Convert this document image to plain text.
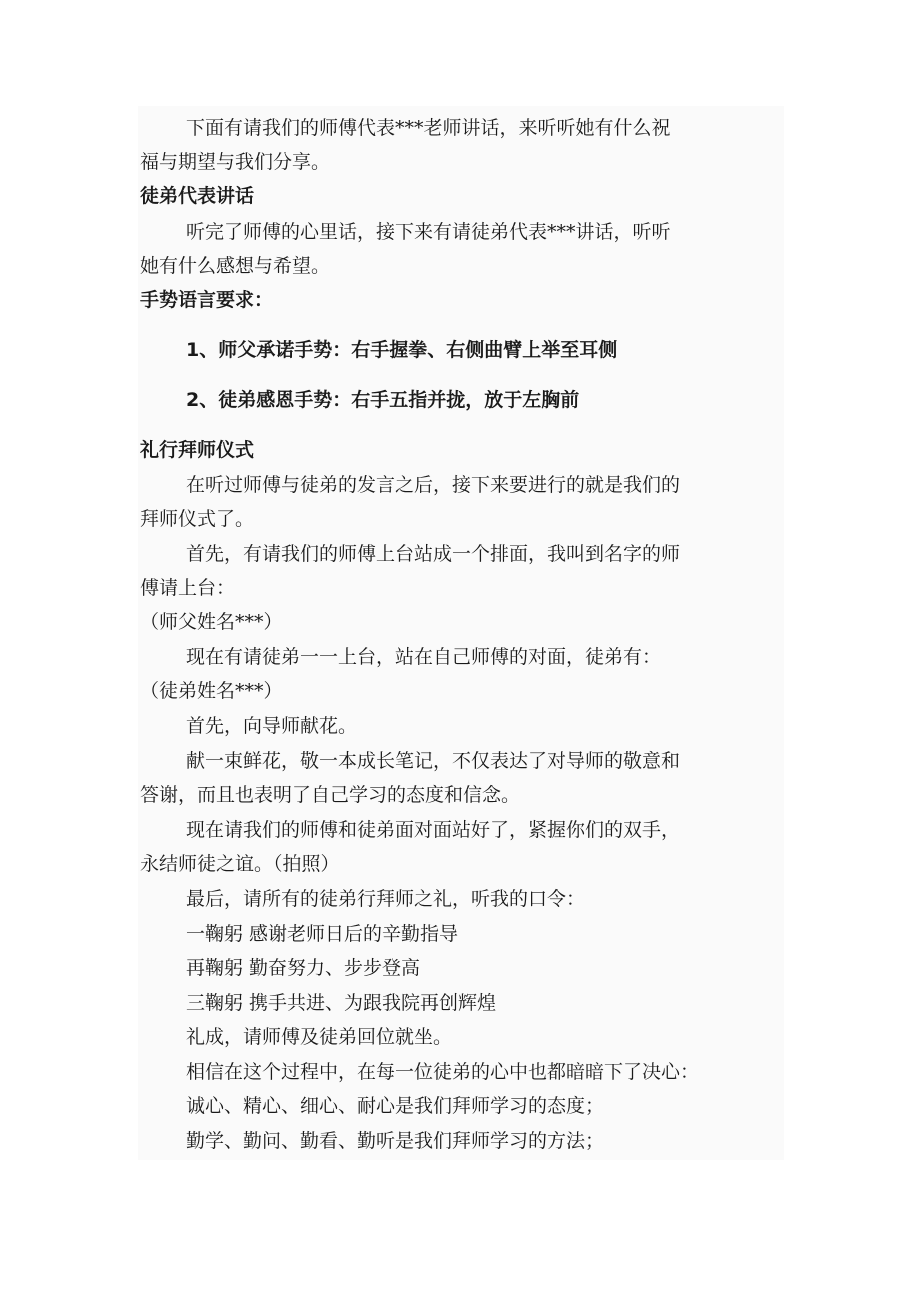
下面有请我们的师傅代表***老师讲话，来听听她有什么祝
福与期望与我们分享。
徒弟代表讲话
听完了师傅的心里话，接下来有请徒弟代表***讲话，听听
她有什么感想与希望。
手势语言要求：
1、师父承诺手势：右手握拳、右侧曲臂上举至耳侧
2、徒弟感恩手势：右手五指并拢，放于左胸前
礼行拜师仪式
在听过师傅与徒弟的发言之后，接下来要进行的就是我们的
拜师仪式了。
首先，有请我们的师傅上台站成一个排面，我叫到名字的师
傅请上台：
（师父姓名***）
现在有请徒弟一一上台，站在自己师傅的对面，徒弟有：
（徒弟姓名***）
首先，向导师献花。
献一束鲜花，敬一本成长笔记，不仅表达了对导师的敬意和
答谢，而且也表明了自己学习的态度和信念。
现在请我们的师傅和徒弟面对面站好了，紧握你们的双手，
永结师徒之谊。（拍照）
最后，请所有的徒弟行拜师之礼，听我的口令：
一鞠躬 感谢老师日后的辛勤指导
再鞠躬 勤奋努力、步步登高
三鞠躬 携手共进、为跟我院再创辉煌
礼成，请师傅及徒弟回位就坐。
相信在这个过程中，在每一位徒弟的心中也都暗暗下了决心：
诚心、精心、细心、耐心是我们拜师学习的态度；
勤学、勤问、勤看、勤听是我们拜师学习的方法；
